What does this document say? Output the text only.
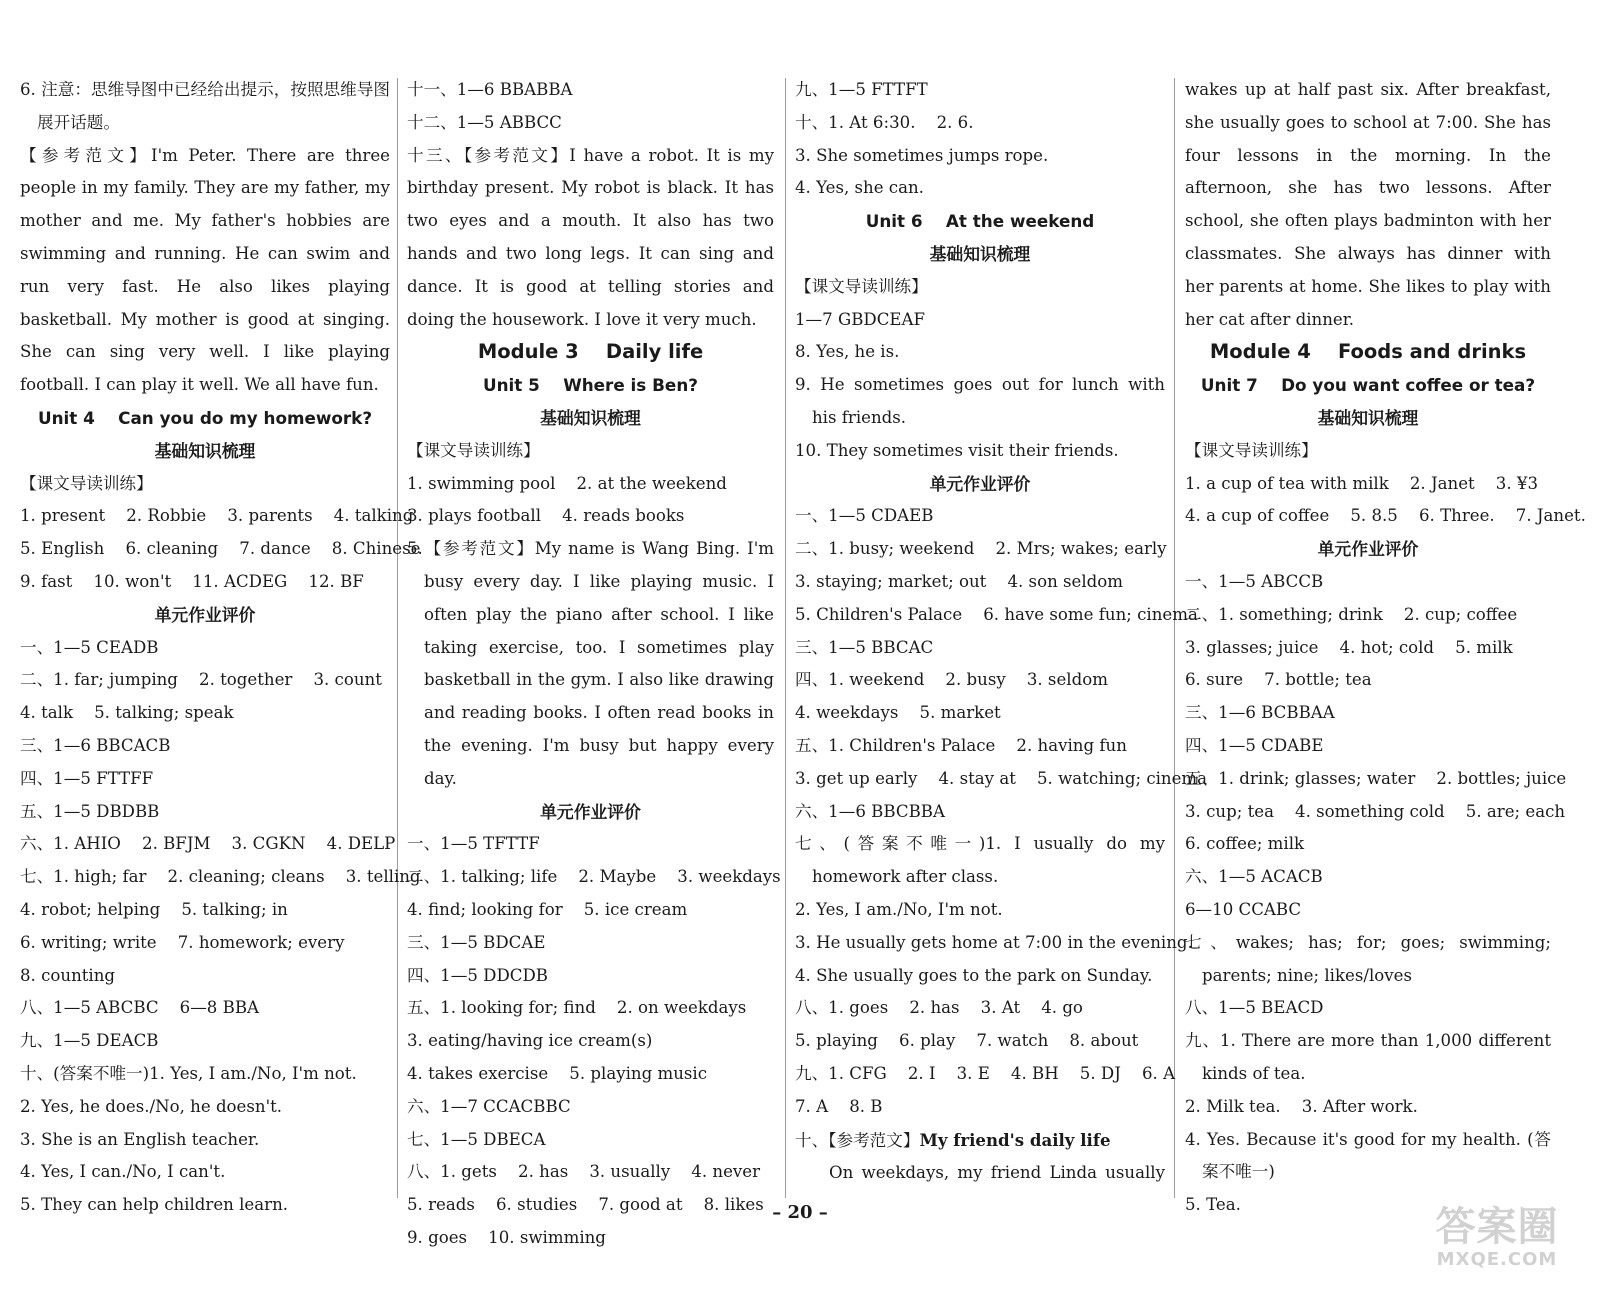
6. 注意：思维导图中已经给出提示，按照思维导图展开话题。
【参考范文】I'm Peter. There are three people in my family. They are my father, my mother and me. My father's hobbies are swimming and running. He can swim and run very fast. He also likes playing basketball. My mother is good at singing. She can sing very well. I like playing football. I can play it well. We all have fun.
Unit 4    Can you do my homework?
基础知识梳理
【课文导读训练】
1. present    2. Robbie    3. parents    4. talking
5. English    6. cleaning    7. dance    8. Chinese
9. fast    10. won't    11. ACDEG    12. BF
单元作业评价
一、1—5 CEADB
二、1. far; jumping    2. together    3. count
4. talk    5. talking; speak
三、1—6 BBCACB
四、1—5 FTTFF
五、1—5 DBDBB
六、1. AHIO    2. BFJM    3. CGKN    4. DELP
七、1. high; far    2. cleaning; cleans    3. telling
4. robot; helping    5. talking; in
6. writing; write    7. homework; every
8. counting
八、1—5 ABCBC    6—8 BBA
九、1—5 DEACB
十、(答案不唯一)1. Yes, I am./No, I'm not.
2. Yes, he does./No, he doesn't.
3. She is an English teacher.
4. Yes, I can./No, I can't.
5. They can help children learn.
十一、1—6 BBABBA
十二、1—5 ABBCC
十三、【参考范文】I have a robot. It is my birthday present. My robot is black. It has two eyes and a mouth. It also has two hands and two long legs. It can sing and dance. It is good at telling stories and doing the housework. I love it very much.
Module 3    Daily life
Unit 5    Where is Ben?
基础知识梳理
【课文导读训练】
1. swimming pool    2. at the weekend
3. plays football    4. reads books
5.【参考范文】My name is Wang Bing. I'm busy every day. I like playing music. I often play the piano after school. I like taking exercise, too. I sometimes play basketball in the gym. I also like drawing and reading books. I often read books in the evening. I'm busy but happy every day.
单元作业评价
一、1—5 TFTTF
二、1. talking; life    2. Maybe    3. weekdays
4. find; looking for    5. ice cream
三、1—5 BDCAE
四、1—5 DDCDB
五、1. looking for; find    2. on weekdays
3. eating/having ice cream(s)
4. takes exercise    5. playing music
六、1—7 CCACBBC
七、1—5 DBECA
八、1. gets    2. has    3. usually    4. never
5. reads    6. studies    7. good at    8. likes
9. goes    10. swimming
九、1—5 FTTFT
十、1. At 6:30.    2. 6.
3. She sometimes jumps rope.
4. Yes, she can.
Unit 6    At the weekend
基础知识梳理
【课文导读训练】
1—7 GBDCEAF
8. Yes, he is.
9. He sometimes goes out for lunch with his friends.
10. They sometimes visit their friends.
单元作业评价
一、1—5 CDAEB
二、1. busy; weekend    2. Mrs; wakes; early
3. staying; market; out    4. son seldom
5. Children's Palace    6. have some fun; cinema
三、1—5 BBCAC
四、1. weekend    2. busy    3. seldom
4. weekdays    5. market
五、1. Children's Palace    2. having fun
3. get up early    4. stay at    5. watching; cinema
六、1—6 BBCBBA
七、(答案不唯一)1. I usually do my homework after class.
2. Yes, I am./No, I'm not.
3. He usually gets home at 7:00 in the evening.
4. She usually goes to the park on Sunday.
八、1. goes    2. has    3. At    4. go
5. playing    6. play    7. watch    8. about
九、1. CFG    2. I    3. E    4. BH    5. DJ    6. A
7. A    8. B
十、【参考范文】My friend's daily life
On weekdays, my friend Linda usually
wakes up at half past six. After breakfast, she usually goes to school at 7:00. She has four lessons in the morning. In the afternoon, she has two lessons. After school, she often plays badminton with her classmates. She always has dinner with her parents at home. She likes to play with her cat after dinner.
Module 4    Foods and drinks
Unit 7    Do you want coffee or tea?
基础知识梳理
【课文导读训练】
1. a cup of tea with milk    2. Janet    3. ¥3
4. a cup of coffee    5. 8.5    6. Three.    7. Janet.
单元作业评价
一、1—5 ABCCB
二、1. something; drink    2. cup; coffee
3. glasses; juice    4. hot; cold    5. milk
6. sure    7. bottle; tea
三、1—6 BCBBAA
四、1—5 CDABE
五、1. drink; glasses; water    2. bottles; juice
3. cup; tea    4. something cold    5. are; each
6. coffee; milk
六、1—5 ACACB
6—10 CCABC
七、wakes; has; for; goes; swimming; parents; nine; likes/loves
八、1—5 BEACD
九、1. There are more than 1,000 different kinds of tea.
2. Milk tea.    3. After work.
4. Yes. Because it's good for my health. (答案不唯一)
5. Tea.
– 20 –	答案圈
MXQE.COM
